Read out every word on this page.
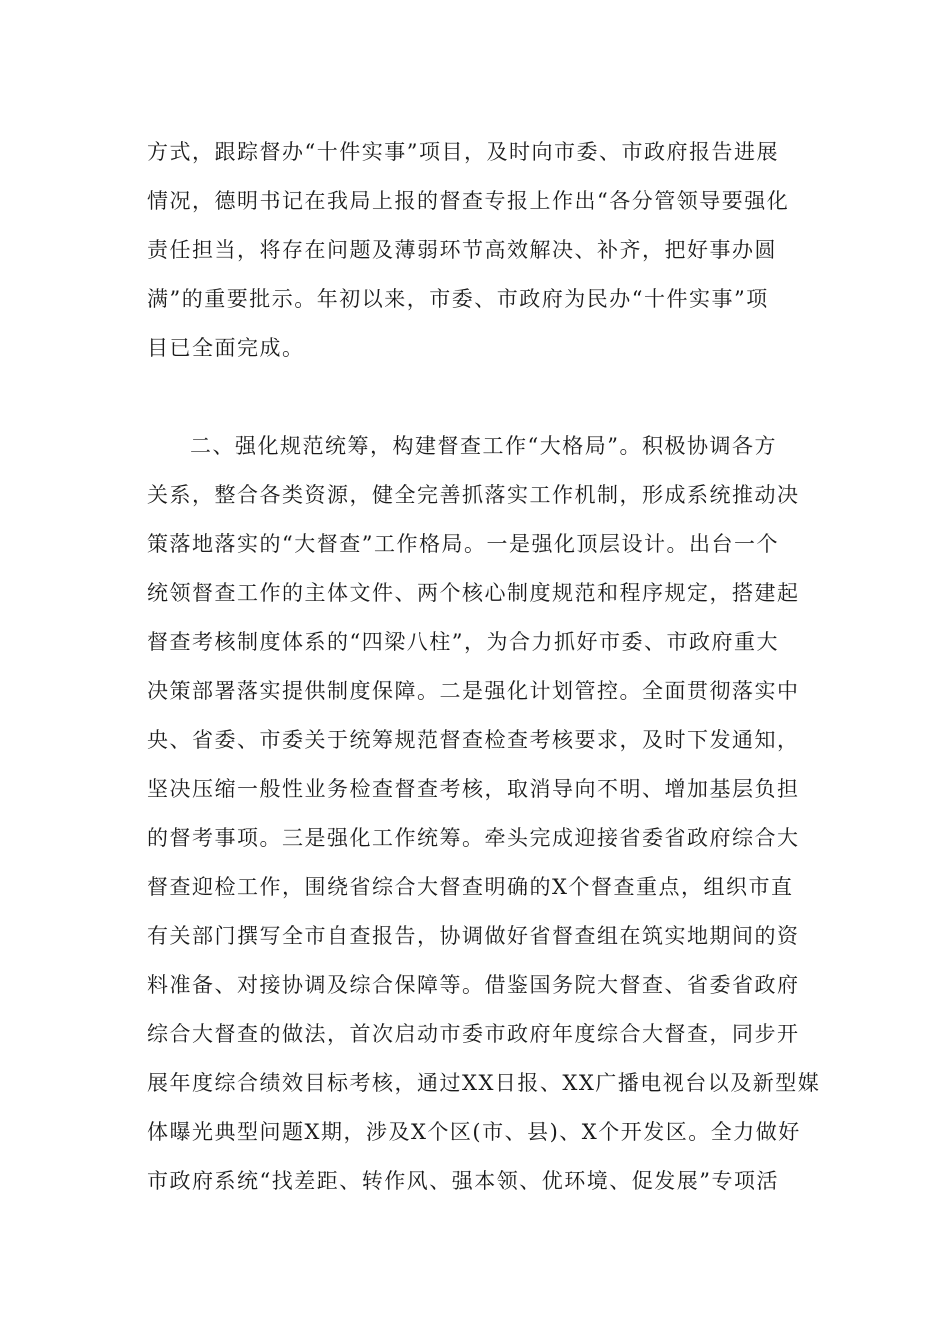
方式，跟踪督办“十件实事”项目，及时向市委、市政府报告进展
情况，德明书记在我局上报的督查专报上作出“各分管领导要强化
责任担当，将存在问题及薄弱环节高效解决、补齐，把好事办圆
满”的重要批示。年初以来，市委、市政府为民办“十件实事”项
目已全面完成。
二、强化规范统筹，构建督查工作“大格局”。积极协调各方
关系，整合各类资源，健全完善抓落实工作机制，形成系统推动决
策落地落实的“大督查”工作格局。一是强化顶层设计。出台一个
统领督查工作的主体文件、两个核心制度规范和程序规定，搭建起
督查考核制度体系的“四梁八柱”，为合力抓好市委、市政府重大
决策部署落实提供制度保障。二是强化计划管控。全面贯彻落实中
央、省委、市委关于统筹规范督查检查考核要求，及时下发通知，
坚决压缩一般性业务检查督查考核，取消导向不明、增加基层负担
的督考事项。三是强化工作统筹。牵头完成迎接省委省政府综合大
督查迎检工作，围绕省综合大督查明确的X个督查重点，组织市直
有关部门撰写全市自查报告，协调做好省督查组在筑实地期间的资
料准备、对接协调及综合保障等。借鉴国务院大督查、省委省政府
综合大督查的做法，首次启动市委市政府年度综合大督查，同步开
展年度综合绩效目标考核，通过XX日报、XX广播电视台以及新型媒
体曝光典型问题X期，涉及X个区(市、县)、X个开发区。全力做好
市政府系统“找差距、转作风、强本领、优环境、促发展”专项活
